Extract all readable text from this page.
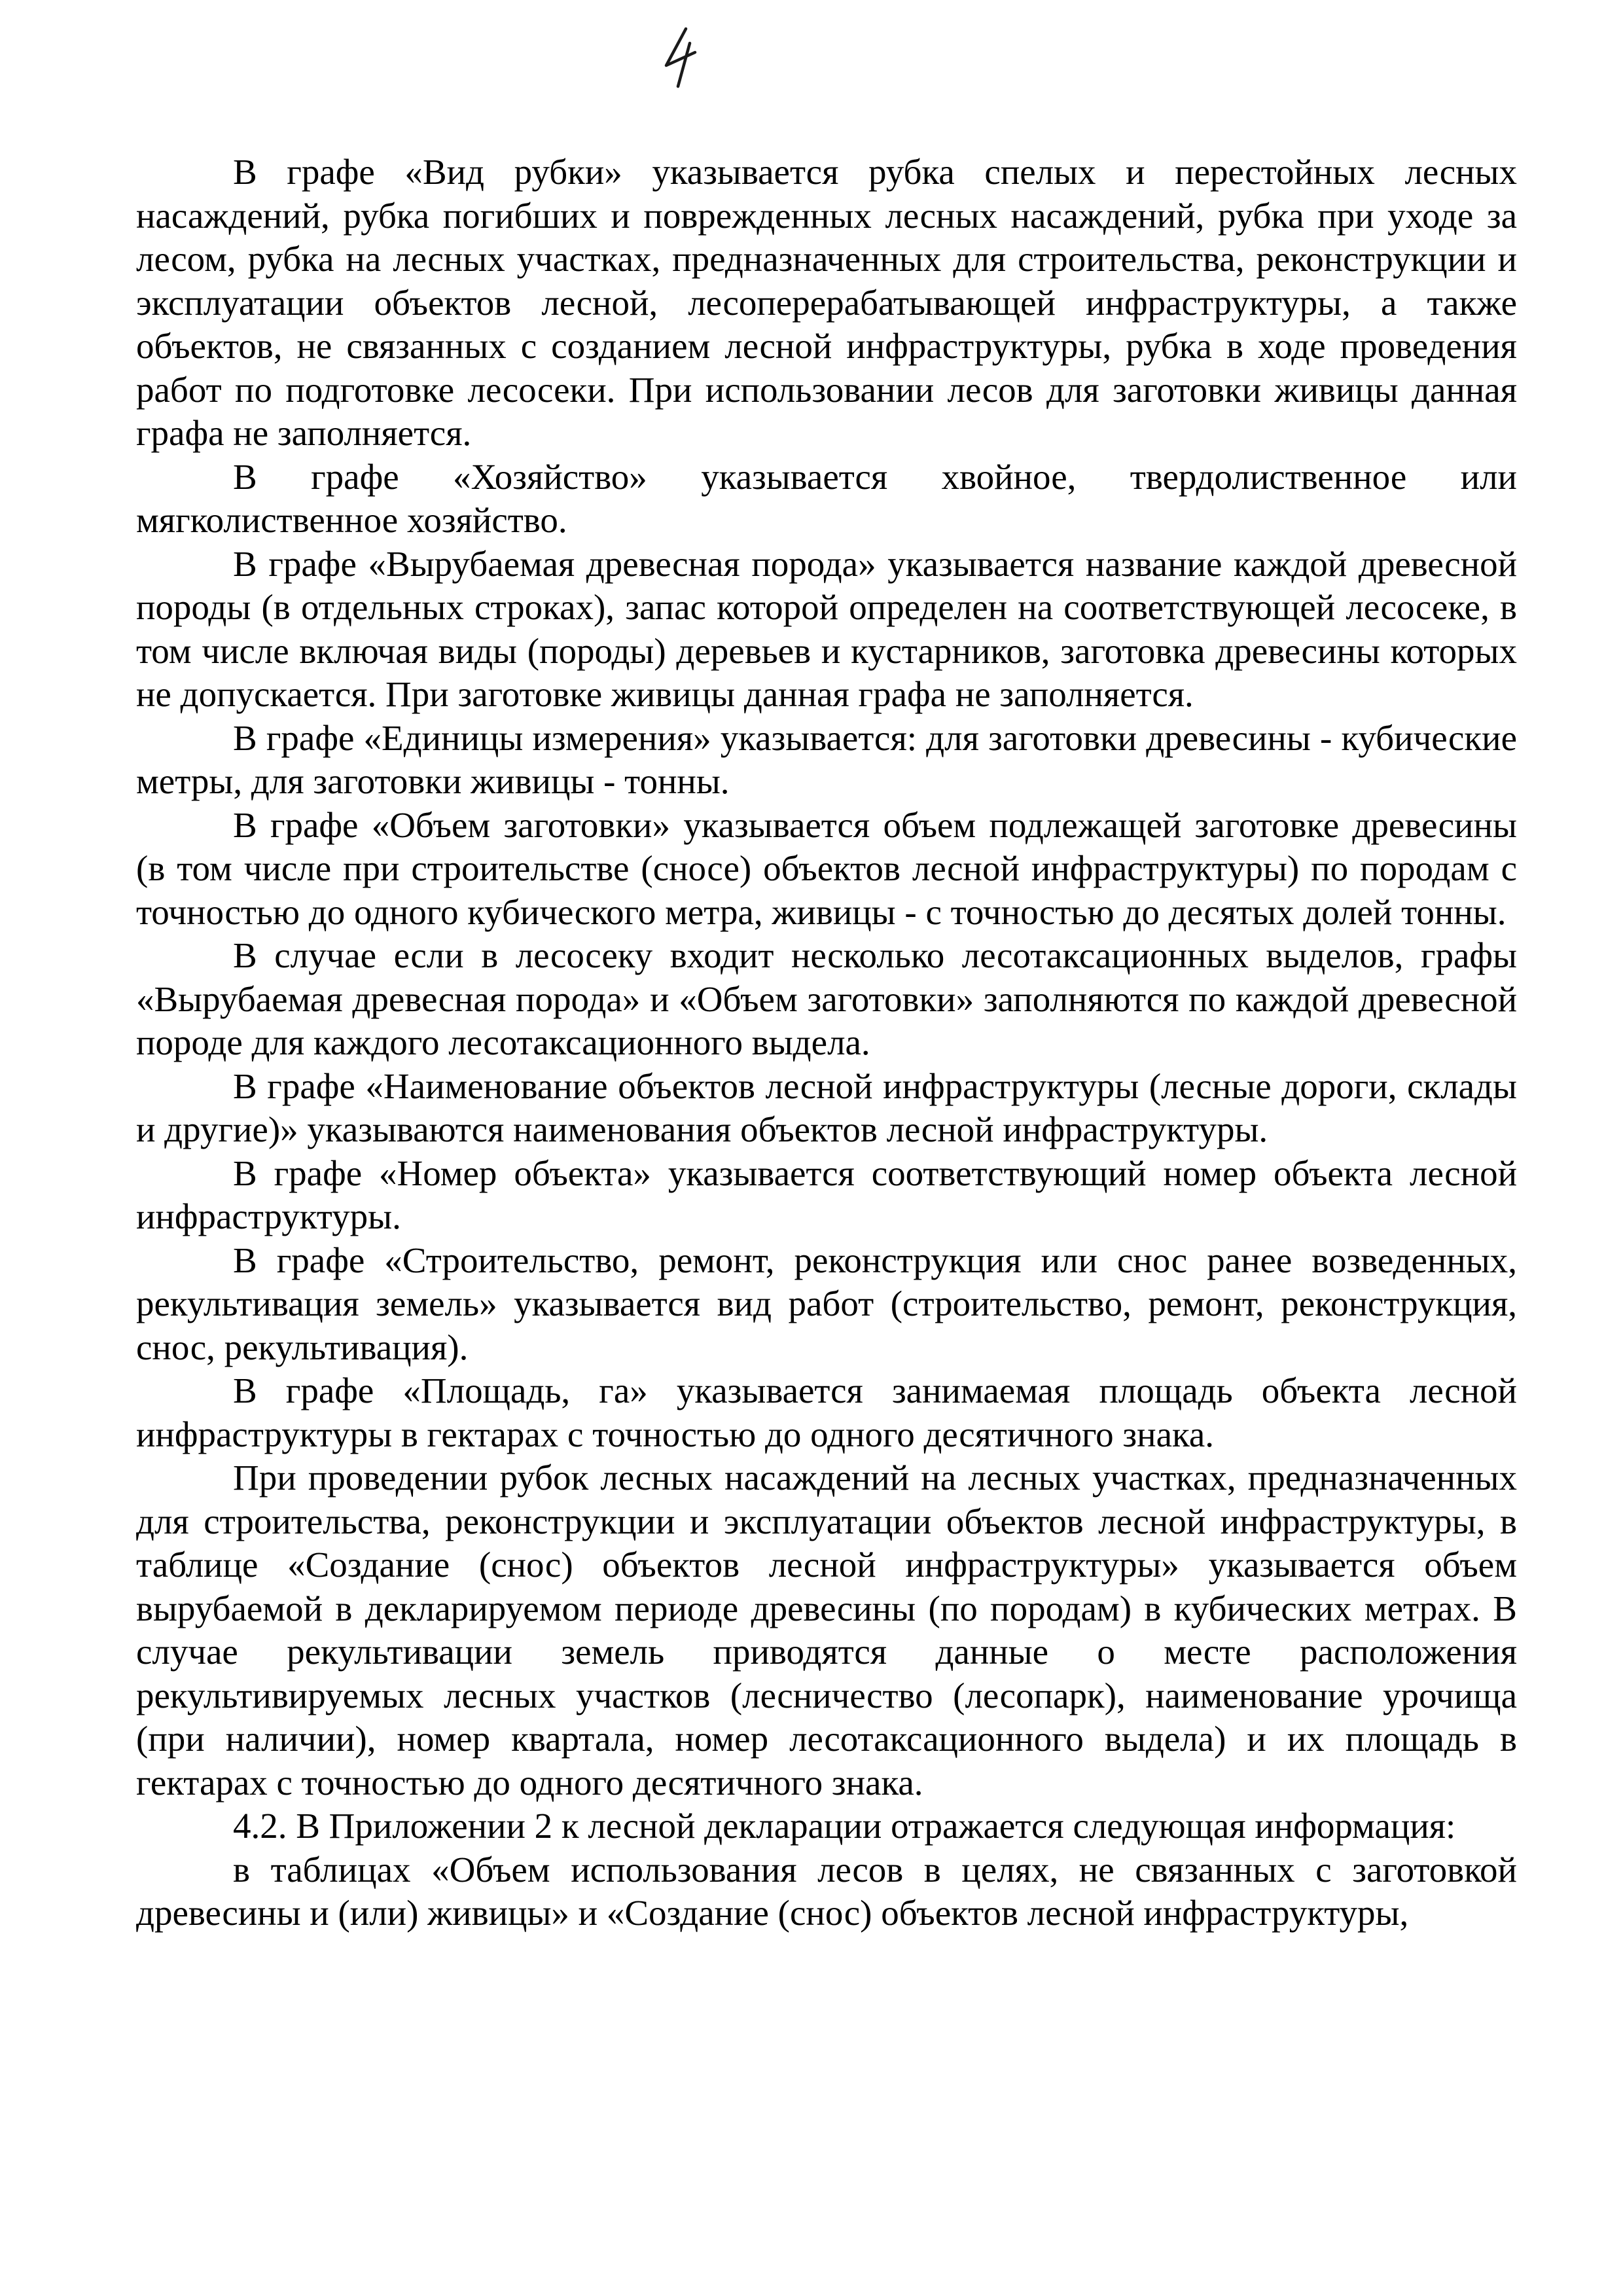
В графе «Вид рубки» указывается рубка спелых и перестойных лесных насаждений, рубка погибших и поврежденных лесных насаждений, рубка при уходе за лесом, рубка на лесных участках, предназначенных для строительства, реконструкции и эксплуатации объектов лесной, лесоперерабатывающей инфраструктуры, а также объектов, не связанных с созданием лесной инфраструктуры, рубка в ходе проведения работ по подготовке лесосеки. При использовании лесов для заготовки живицы данная графа не заполняется.

В графе «Хозяйство» указывается хвойное, твердолиственное или мягколиственное хозяйство.

В графе «Вырубаемая древесная порода» указывается название каждой древесной породы (в отдельных строках), запас которой определен на соответствующей лесосеке, в том числе включая виды (породы) деревьев и кустарников, заготовка древесины которых не допускается. При заготовке живицы данная графа не заполняется.

В графе «Единицы измерения» указывается: для заготовки древесины - кубические метры, для заготовки живицы - тонны.

В графе «Объем заготовки» указывается объем подлежащей заготовке древесины (в том числе при строительстве (сносе) объектов лесной инфраструктуры) по породам с точностью до одного кубического метра, живицы - с точностью до десятых долей тонны.

В случае если в лесосеку входит несколько лесотаксационных выделов, графы «Вырубаемая древесная порода» и «Объем заготовки» заполняются по каждой древесной породе для каждого лесотаксационного выдела.

В графе «Наименование объектов лесной инфраструктуры (лесные дороги, склады и другие)» указываются наименования объектов лесной инфраструктуры.

В графе «Номер объекта» указывается соответствующий номер объекта лесной инфраструктуры.

В графе «Строительство, ремонт, реконструкция или снос ранее возведенных, рекультивация земель» указывается вид работ (строительство, ремонт, реконструкция, снос, рекультивация).

В графе «Площадь, га» указывается занимаемая площадь объекта лесной инфраструктуры в гектарах с точностью до одного десятичного знака.

При проведении рубок лесных насаждений на лесных участках, предназначенных для строительства, реконструкции и эксплуатации объектов лесной инфраструктуры, в таблице «Создание (снос) объектов лесной инфраструктуры» указывается объем вырубаемой в декларируемом периоде древесины (по породам) в кубических метрах. В случае рекультивации земель приводятся данные о месте расположения рекультивируемых лесных участков (лесничество (лесопарк), наименование урочища (при наличии), номер квартала, номер лесотаксационного выдела) и их площадь в гектарах с точностью до одного десятичного знака.

4.2. В Приложении 2 к лесной декларации отражается следующая информация:

в таблицах «Объем использования лесов в целях, не связанных с заготовкой древесины и (или) живицы» и «Создание (снос) объектов лесной инфраструктуры,
